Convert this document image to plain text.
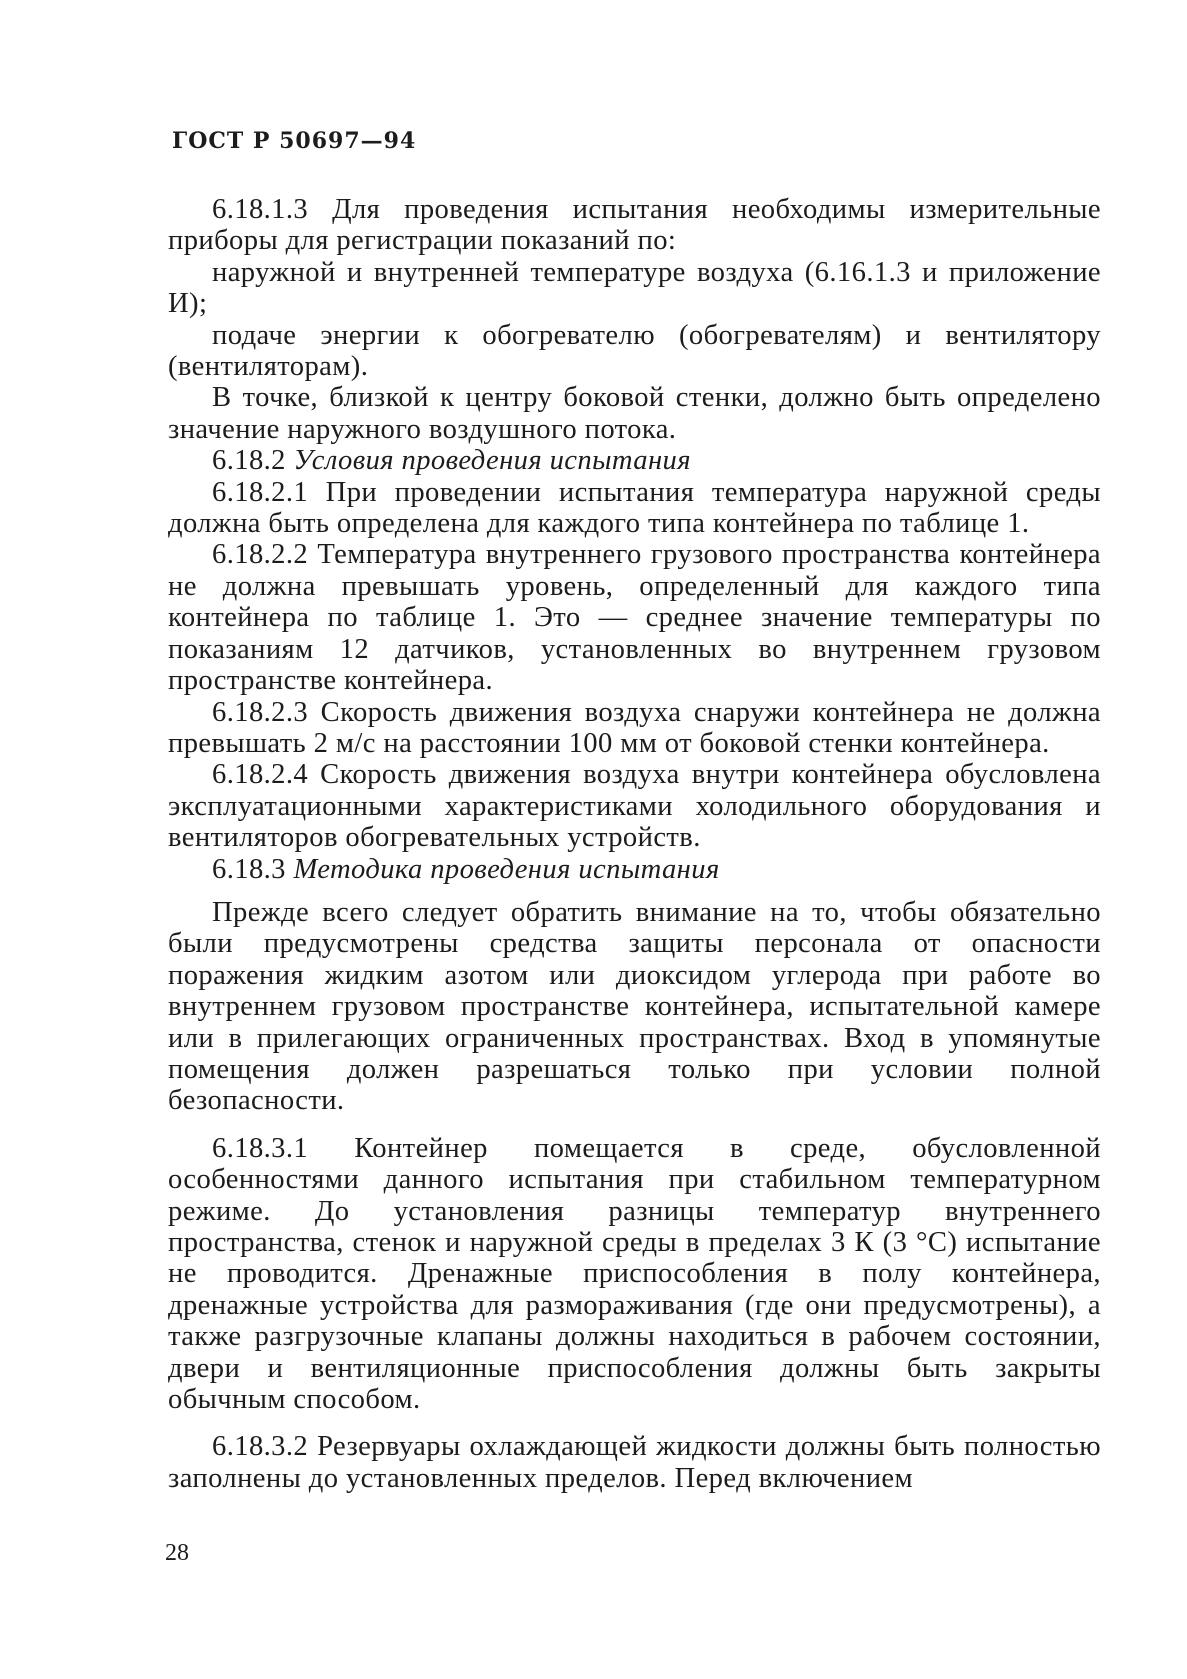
ГОСТ Р 50697—94

6.18.1.3 Для проведения испытания необходимы измерительные приборы для регистрации показаний по:

наружной и внутренней температуре воздуха (6.16.1.3 и приложение И);

подаче энергии к обогревателю (обогревателям) и вентилятору (вентиляторам).

В точке, близкой к центру боковой стенки, должно быть определено значение наружного воздушного потока.

6.18.2 Условия проведения испытания

6.18.2.1 При проведении испытания температура наружной среды должна быть определена для каждого типа контейнера по таблице 1.

6.18.2.2 Температура внутреннего грузового пространства контейнера не должна превышать уровень, определенный для каждого типа контейнера по таблице 1. Это — среднее значение температуры по показаниям 12 датчиков, установленных во внутреннем грузовом пространстве контейнера.

6.18.2.3 Скорость движения воздуха снаружи контейнера не должна превышать 2 м/с на расстоянии 100 мм от боковой стенки контейнера.

6.18.2.4 Скорость движения воздуха внутри контейнера обусловлена эксплуатационными характеристиками холодильного оборудования и вентиляторов обогревательных устройств.

6.18.3 Методика проведения испытания

Прежде всего следует обратить внимание на то, чтобы обязательно были предусмотрены средства защиты персонала от опасности поражения жидким азотом или диоксидом углерода при работе во внутреннем грузовом пространстве контейнера, испытательной камере или в прилегающих ограниченных пространствах. Вход в упомянутые помещения должен разрешаться только при условии полной безопасности.

6.18.3.1 Контейнер помещается в среде, обусловленной особенностями данного испытания при стабильном температурном режиме. До установления разницы температур внутреннего пространства, стенок и наружной среды в пределах 3 К (3 °С) испытание не проводится. Дренажные приспособления в полу контейнера, дренажные устройства для размораживания (где они предусмотрены), а также разгрузочные клапаны должны находиться в рабочем состоянии, двери и вентиляционные приспособления должны быть закрыты обычным способом.

6.18.3.2 Резервуары охлаждающей жидкости должны быть полностью заполнены до установленных пределов. Перед включением

28
